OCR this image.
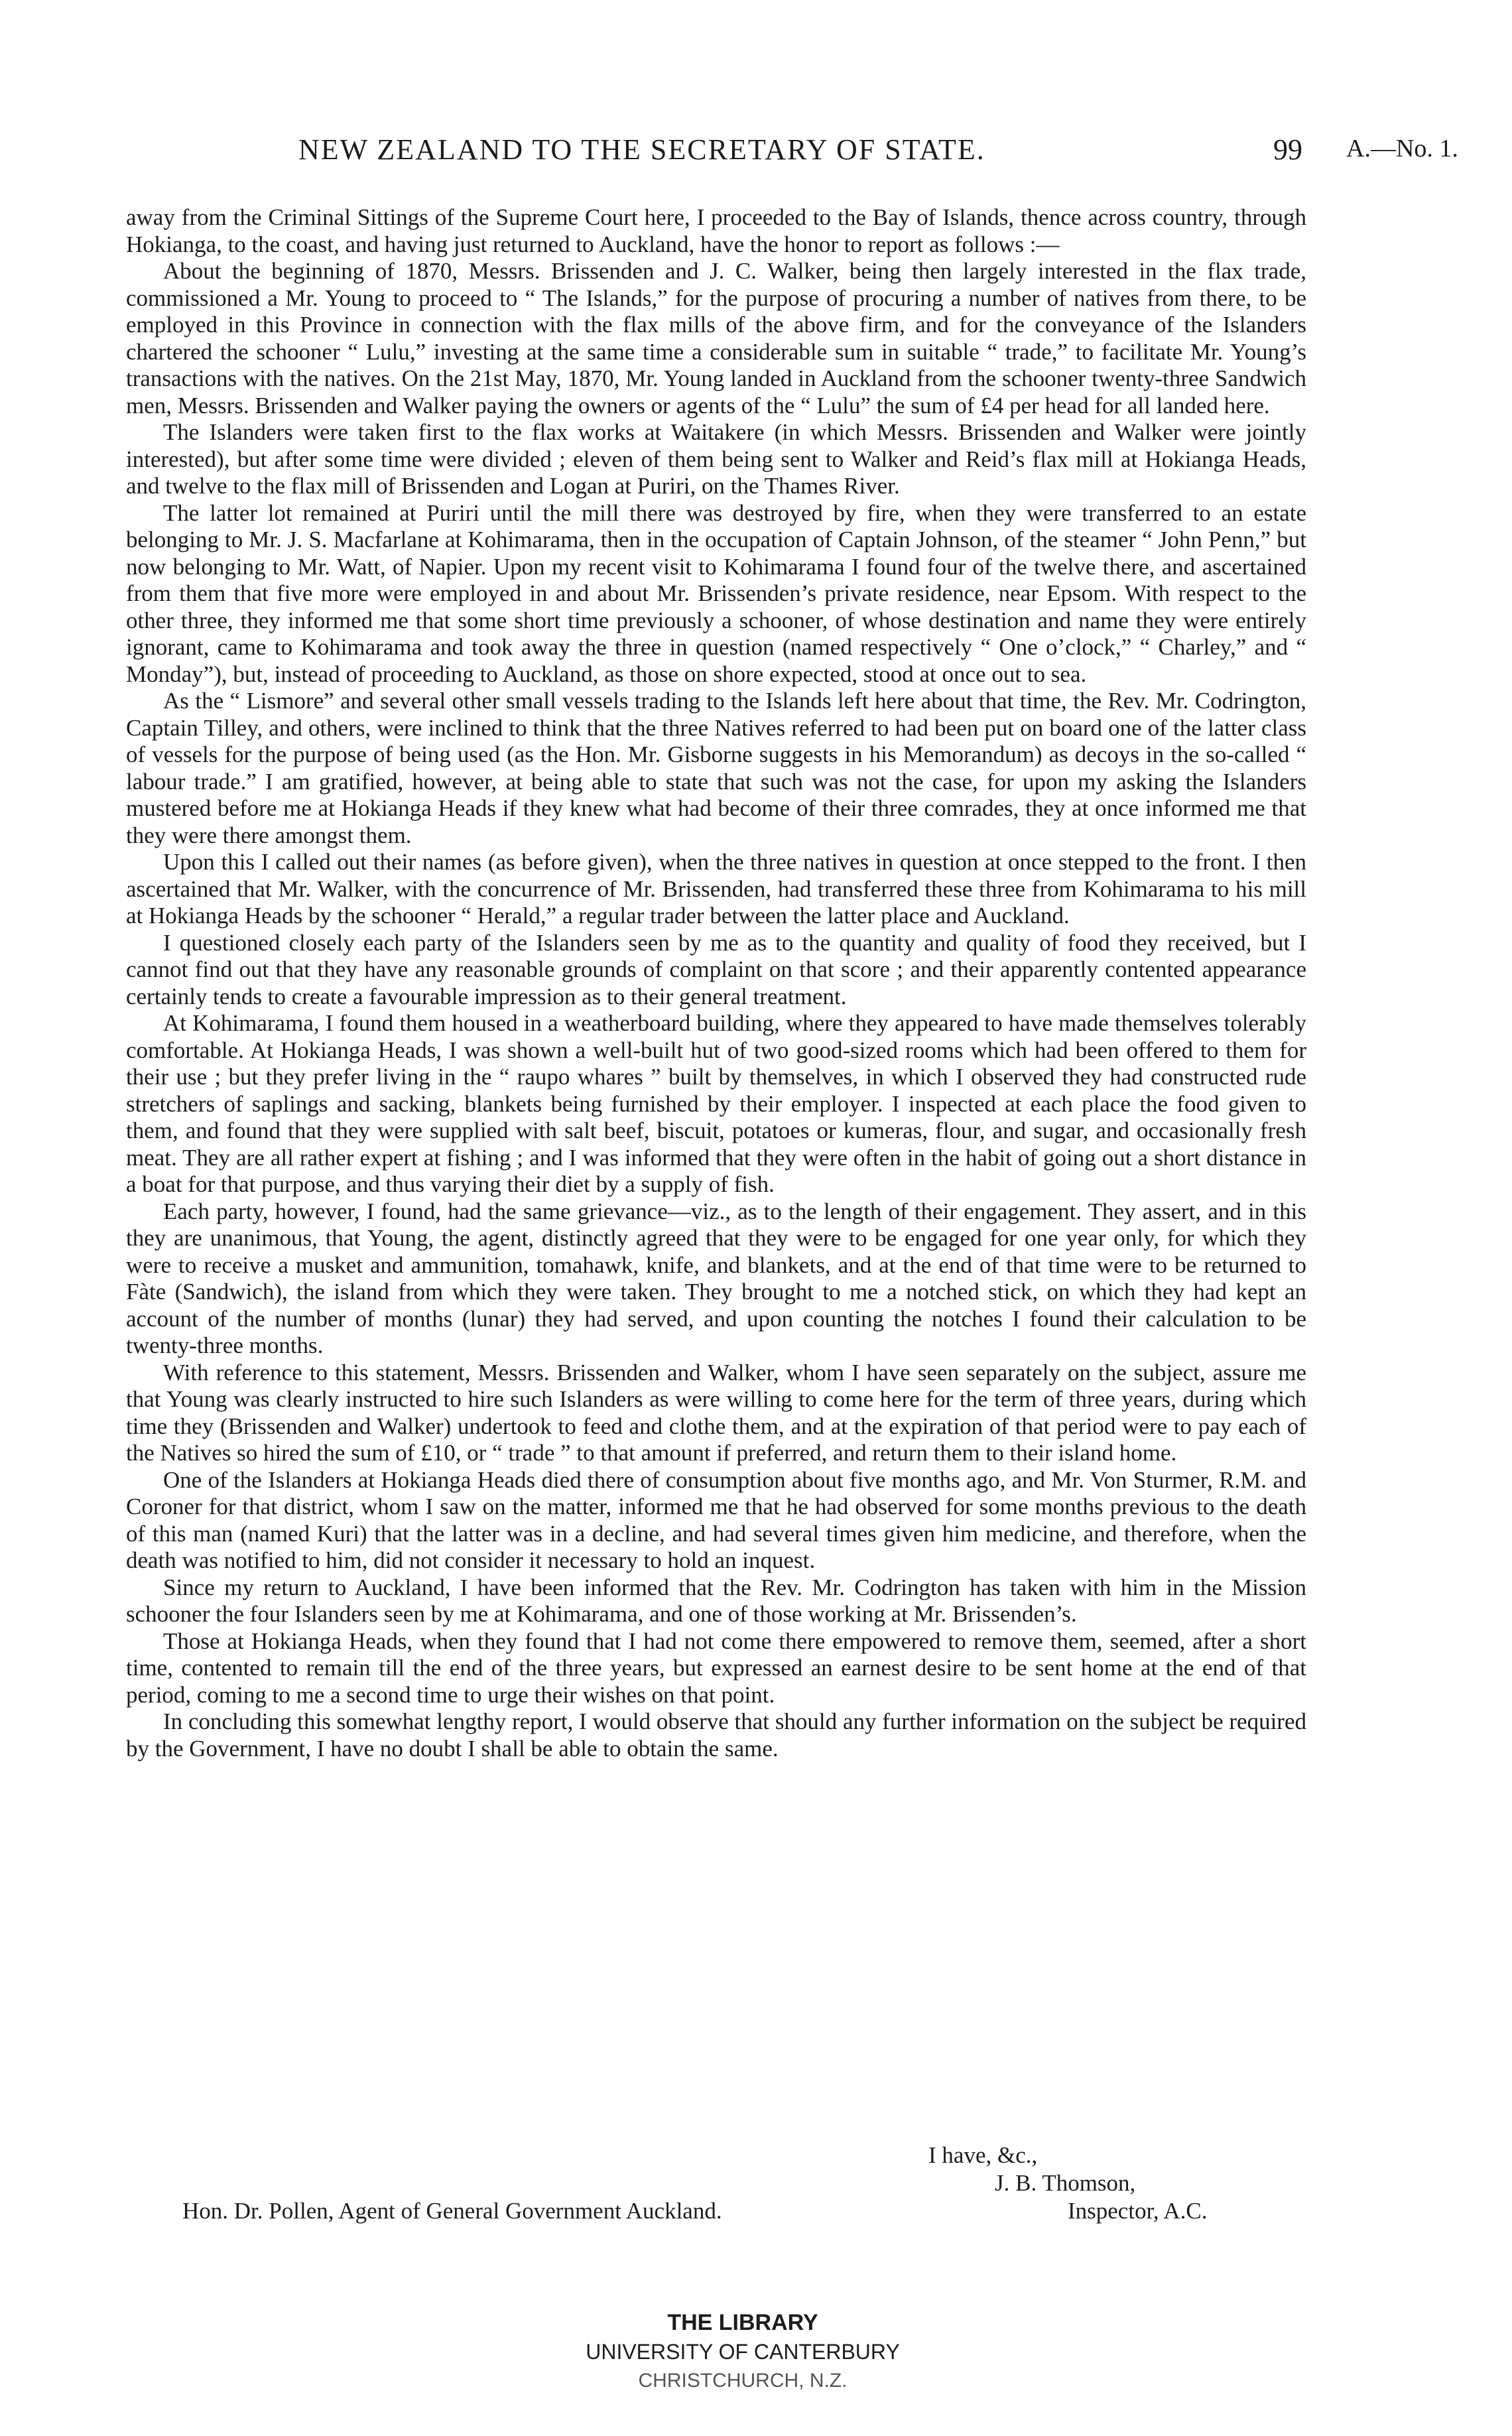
NEW ZEALAND TO THE SECRETARY OF STATE.	99 A.—No. 1.

away from the Criminal Sittings of the Supreme Court here, I proceeded to the Bay of Islands, thence across country, through Hokianga, to the coast, and having just returned to Auckland, have the honor to report as follows :—

About the beginning of 1870, Messrs. Brissenden and J. C. Walker, being then largely interested in the flax trade, commissioned a Mr. Young to proceed to “ The Islands,” for the purpose of procuring a number of natives from there, to be employed in this Province in connection with the flax mills of the above firm, and for the conveyance of the Islanders chartered the schooner “ Lulu,” investing at the same time a considerable sum in suitable “ trade,” to facilitate Mr. Young’s transactions with the natives. On the 21st May, 1870, Mr. Young landed in Auckland from the schooner twenty-three Sandwich men, Messrs. Brissenden and Walker paying the owners or agents of the “ Lulu” the sum of £4 per head for all landed here.

The Islanders were taken first to the flax works at Waitakere (in which Messrs. Brissenden and Walker were jointly interested), but after some time were divided ; eleven of them being sent to Walker and Reid’s flax mill at Hokianga Heads, and twelve to the flax mill of Brissenden and Logan at Puriri, on the Thames River.

The latter lot remained at Puriri until the mill there was destroyed by fire, when they were transferred to an estate belonging to Mr. J. S. Macfarlane at Kohimarama, then in the occupation of Captain Johnson, of the steamer “ John Penn,” but now belonging to Mr. Watt, of Napier. Upon my recent visit to Kohimarama I found four of the twelve there, and ascertained from them that five more were employed in and about Mr. Brissenden’s private residence, near Epsom. With respect to the other three, they informed me that some short time previously a schooner, of whose destination and name they were entirely ignorant, came to Kohimarama and took away the three in question (named respectively “ One o’clock,” “ Charley,” and “ Monday”), but, instead of proceeding to Auckland, as those on shore expected, stood at once out to sea.

As the “ Lismore” and several other small vessels trading to the Islands left here about that time, the Rev. Mr. Codrington, Captain Tilley, and others, were inclined to think that the three Natives referred to had been put on board one of the latter class of vessels for the purpose of being used (as the Hon. Mr. Gisborne suggests in his Memorandum) as decoys in the so-called “ labour trade.” I am gratified, however, at being able to state that such was not the case, for upon my asking the Islanders mustered before me at Hokianga Heads if they knew what had become of their three comrades, they at once informed me that they were there amongst them.

Upon this I called out their names (as before given), when the three natives in question at once stepped to the front. I then ascertained that Mr. Walker, with the concurrence of Mr. Brissenden, had transferred these three from Kohimarama to his mill at Hokianga Heads by the schooner “ Herald,” a regular trader between the latter place and Auckland.

I questioned closely each party of the Islanders seen by me as to the quantity and quality of food they received, but I cannot find out that they have any reasonable grounds of complaint on that score ; and their apparently contented appearance certainly tends to create a favourable impression as to their general treatment.

At Kohimarama, I found them housed in a weatherboard building, where they appeared to have made themselves tolerably comfortable. At Hokianga Heads, I was shown a well-built hut of two good-sized rooms which had been offered to them for their use ; but they prefer living in the “ raupo whares ” built by themselves, in which I observed they had constructed rude stretchers of saplings and sacking, blankets being furnished by their employer. I inspected at each place the food given to them, and found that they were supplied with salt beef, biscuit, potatoes or kumeras, flour, and sugar, and occasionally fresh meat. They are all rather expert at fishing ; and I was informed that they were often in the habit of going out a short distance in a boat for that purpose, and thus varying their diet by a supply of fish.

Each party, however, I found, had the same grievance—viz., as to the length of their engagement. They assert, and in this they are unanimous, that Young, the agent, distinctly agreed that they were to be engaged for one year only, for which they were to receive a musket and ammunition, tomahawk, knife, and blankets, and at the end of that time were to be returned to Fàte (Sandwich), the island from which they were taken. They brought to me a notched stick, on which they had kept an account of the number of months (lunar) they had served, and upon counting the notches I found their calculation to be twenty-three months.

With reference to this statement, Messrs. Brissenden and Walker, whom I have seen separately on the subject, assure me that Young was clearly instructed to hire such Islanders as were willing to come here for the term of three years, during which time they (Brissenden and Walker) undertook to feed and clothe them, and at the expiration of that period were to pay each of the Natives so hired the sum of £10, or “ trade ” to that amount if preferred, and return them to their island home.

One of the Islanders at Hokianga Heads died there of consumption about five months ago, and Mr. Von Sturmer, R.M. and Coroner for that district, whom I saw on the matter, informed me that he had observed for some months previous to the death of this man (named Kuri) that the latter was in a decline, and had several times given him medicine, and therefore, when the death was notified to him, did not consider it necessary to hold an inquest.

Since my return to Auckland, I have been informed that the Rev. Mr. Codrington has taken with him in the Mission schooner the four Islanders seen by me at Kohimarama, and one of those working at Mr. Brissenden’s.

Those at Hokianga Heads, when they found that I had not come there empowered to remove them, seemed, after a short time, contented to remain till the end of the three years, but expressed an earnest desire to be sent home at the end of that period, coming to me a second time to urge their wishes on that point.

In concluding this somewhat lengthy report, I would observe that should any further information on the subject be required by the Government, I have no doubt I shall be able to obtain the same.

I have, &c.,
J. B. Thomson,
Hon. Dr. Pollen, Agent of General Government Auckland.	Inspector, A.C.
THE LIBRARY
UNIVERSITY OF CANTERBURY
CHRISTCHURCH, N.Z.
